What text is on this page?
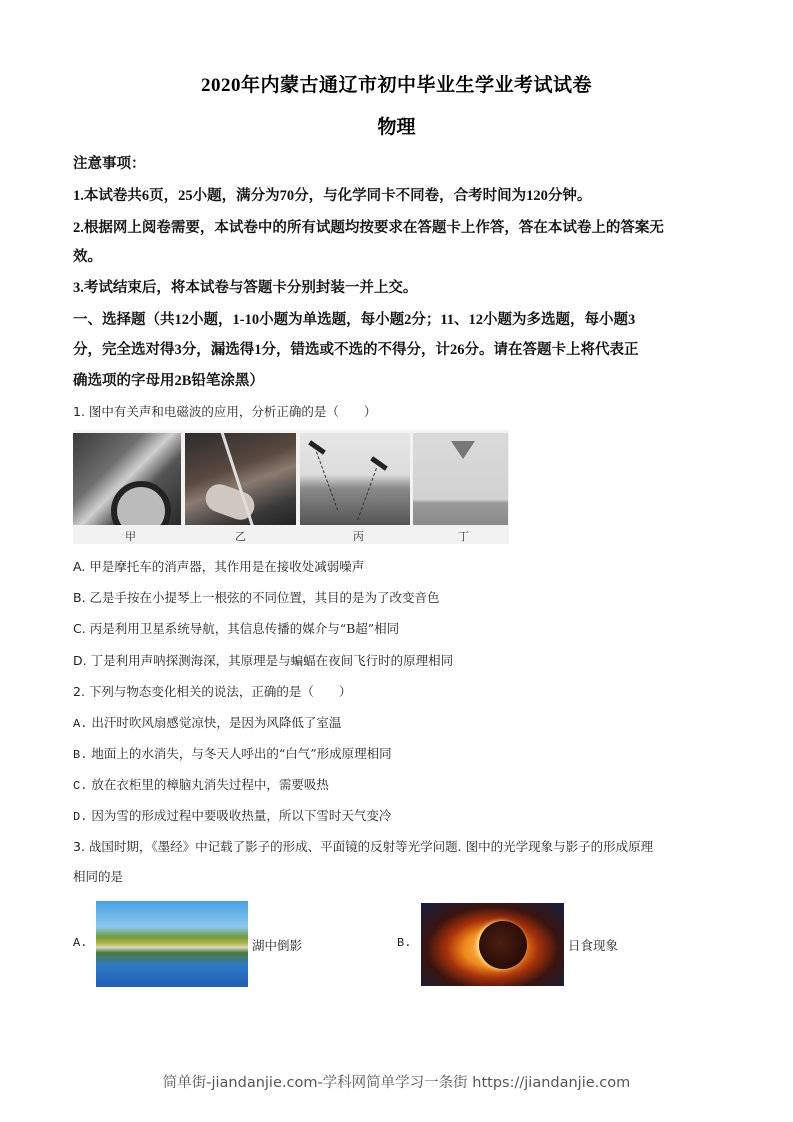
2020年内蒙古通辽市初中毕业生学业考试试卷
物理
注意事项：
1.本试卷共6页，25小题，满分为70分，与化学同卡不同卷，合考时间为120分钟。
2.根据网上阅卷需要，本试卷中的所有试题均按要求在答题卡上作答，答在本试卷上的答案无
效。
3.考试结束后，将本试卷与答题卡分别封装一并上交。
一、选择题（共12小题，1-10小题为单选题，每小题2分；11、12小题为多选题，每小题3
分，完全选对得3分，漏选得1分，错选或不选的不得分，计26分。请在答题卡上将代表正
确选项的字母用2B铅笔涂黑）
1. 图中有关声和电磁波的应用，分析正确的是（　　）
甲	乙	丙	丁
A. 甲是摩托车的消声器，其作用是在接收处减弱噪声
B. 乙是手按在小提琴上一根弦的不同位置，其目的是为了改变音色
C. 丙是利用卫星系统导航，其信息传播的媒介与“B超”相同
D. 丁是利用声呐探测海深，其原理是与蝙蝠在夜间飞行时的原理相同
2. 下列与物态变化相关的说法，正确的是（　　）
A. 出汗时吹风扇感觉凉快，是因为风降低了室温
B. 地面上的水消失，与冬天人呼出的“白气”形成原理相同
C. 放在衣柜里的樟脑丸消失过程中，需要吸热
D. 因为雪的形成过程中要吸收热量，所以下雪时天气变冷
3. 战国时期，《墨经》中记载了影子的形成、平面镜的反射等光学问题. 图中的光学现象与影子的形成原理
相同的是
A.	湖中倒影	B.	日食现象
简单街-jiandanjie.com-学科网简单学习一条街 https://jiandanjie.com
